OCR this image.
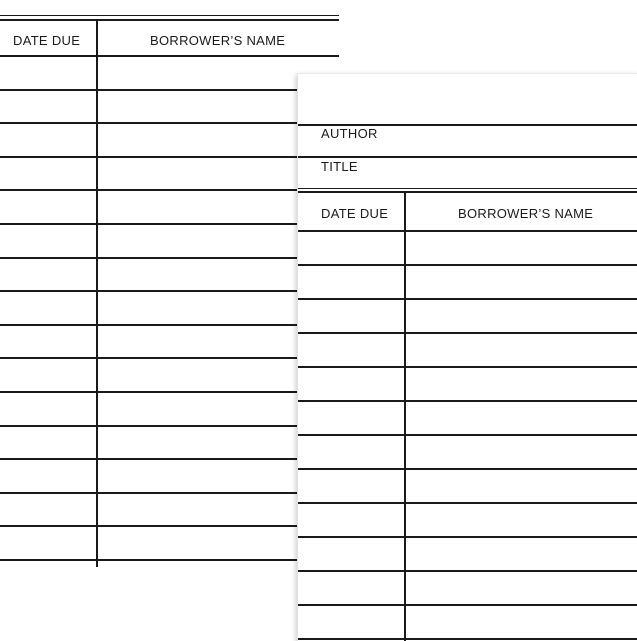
DATE DUE	BORROWER’S NAME
AUTHOR
TITLE
DATE DUE	BORROWER’S NAME
